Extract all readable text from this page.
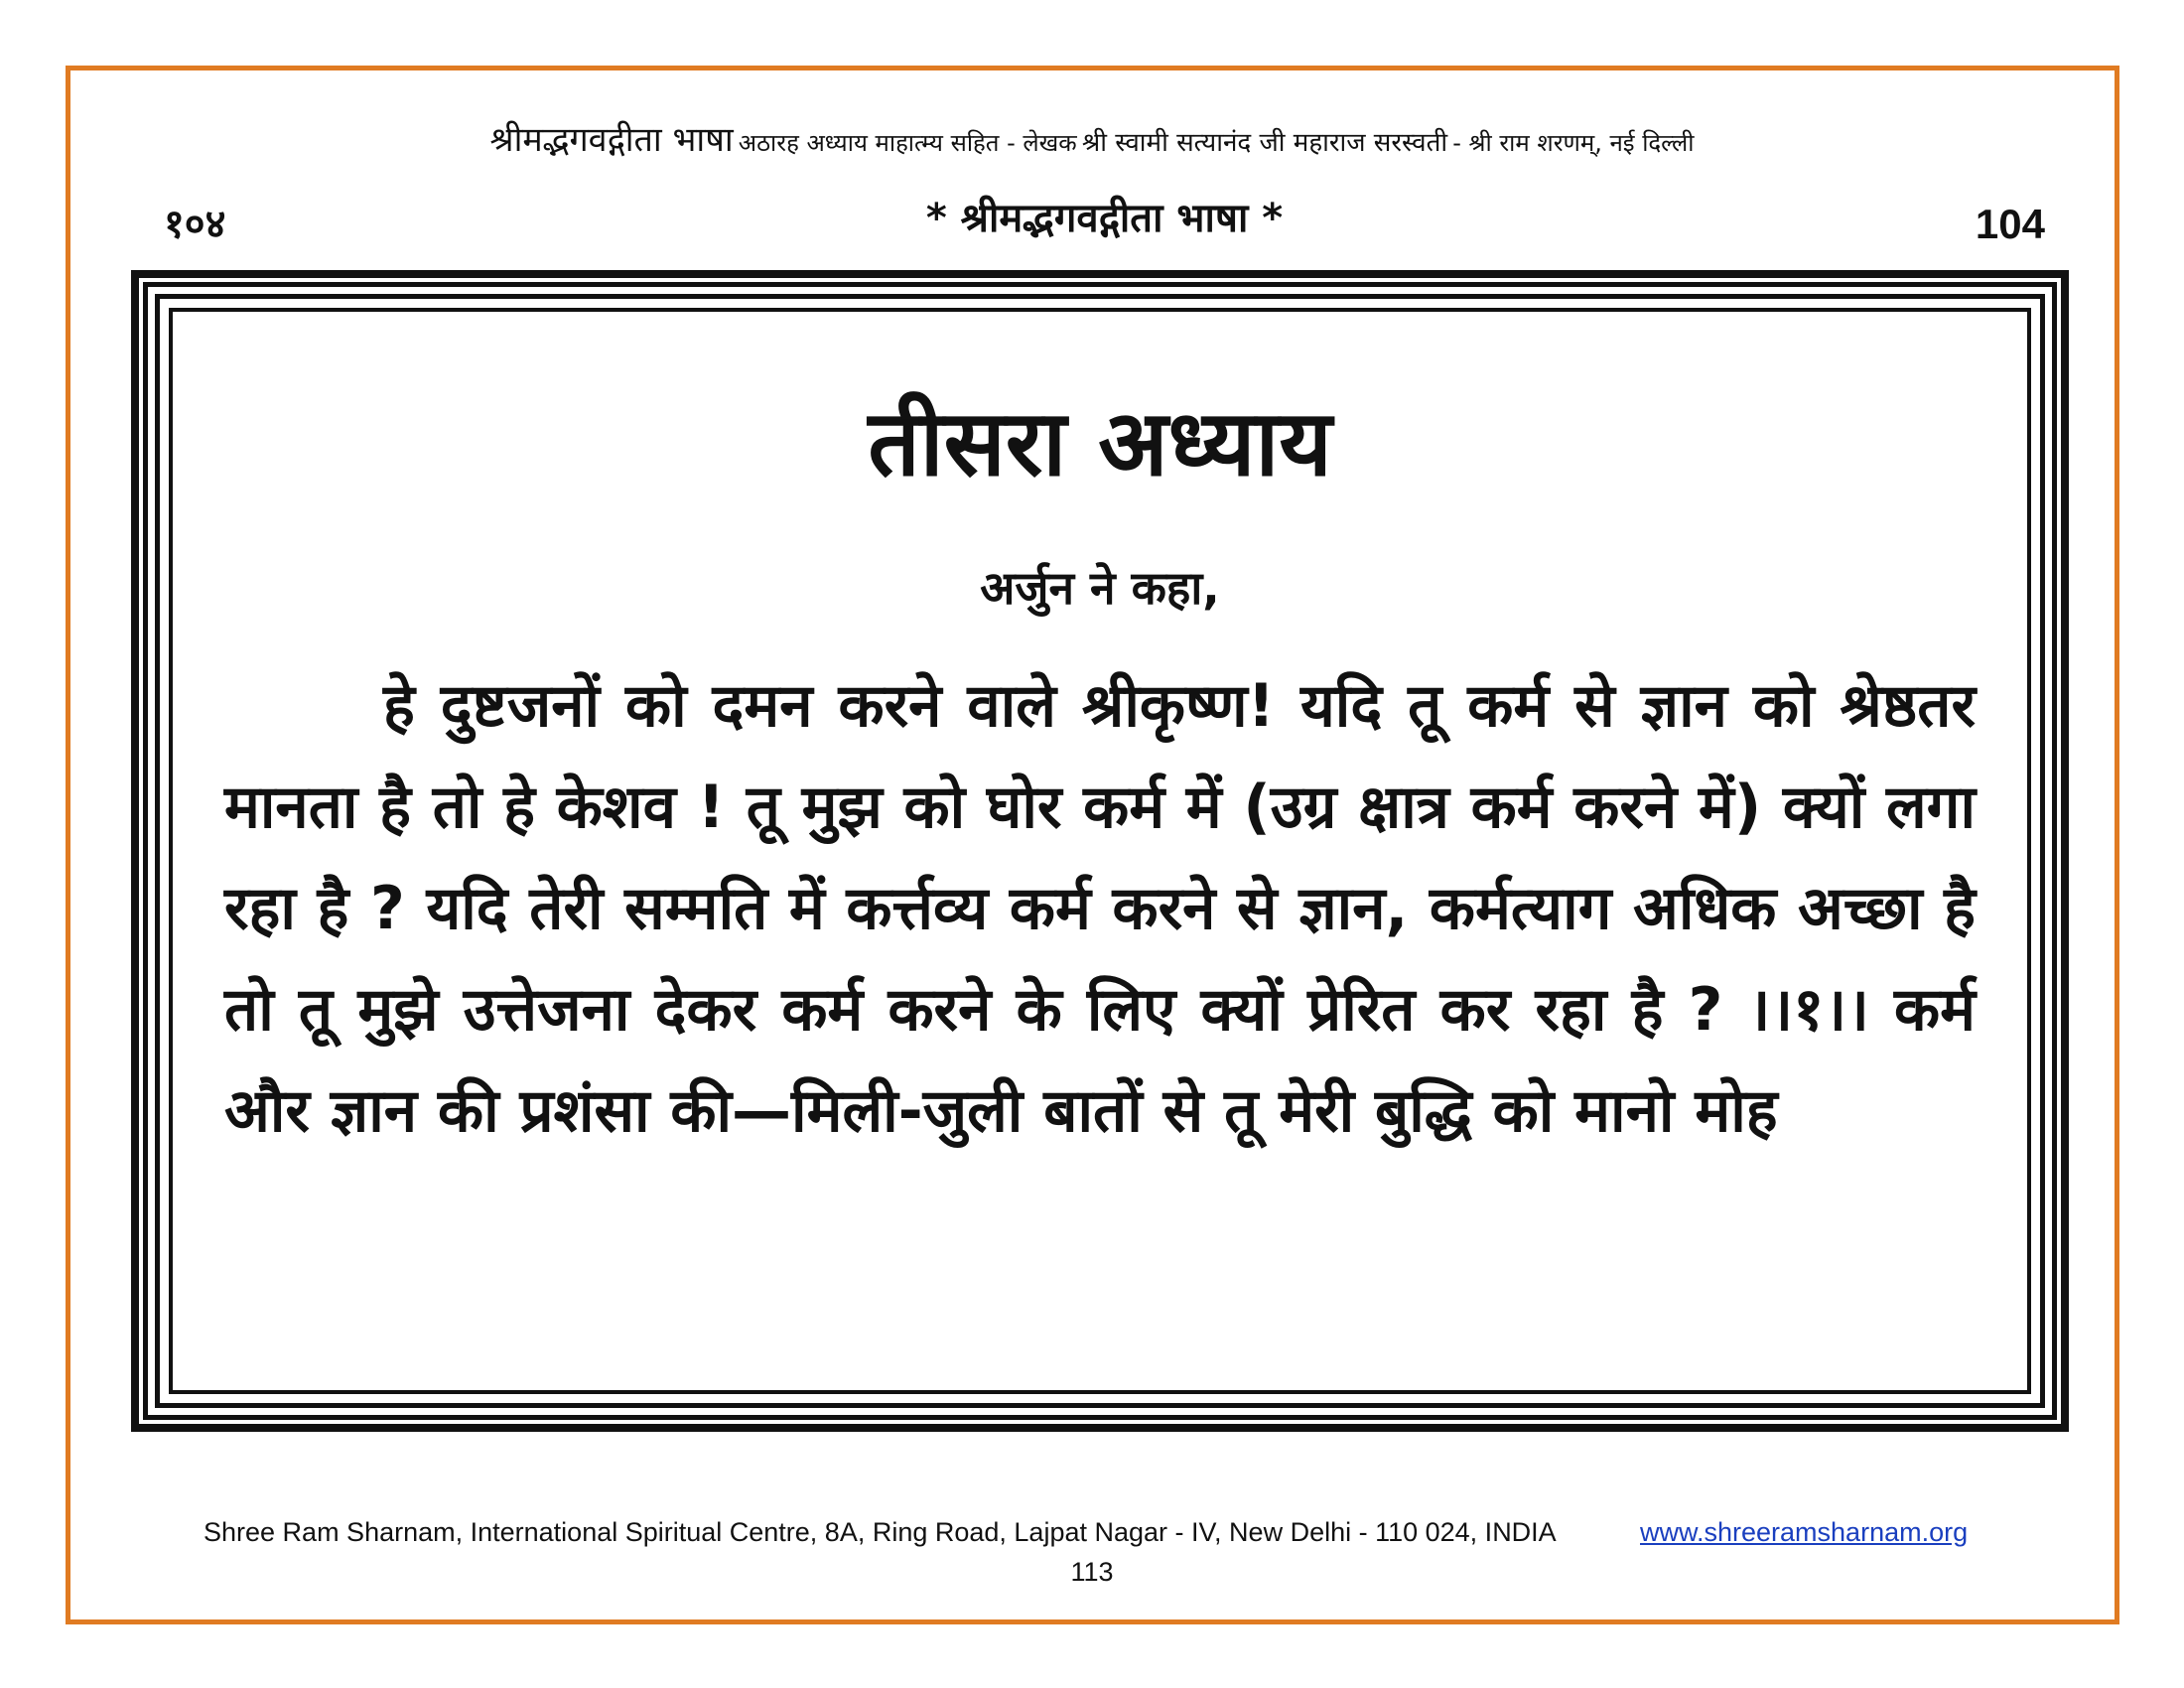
श्रीमद्भगवद्गीता भाषा अठारह अध्याय माहात्म्य सहित - लेखक श्री स्वामी सत्यानंद जी महाराज सरस्वती - श्री राम शरणम्, नई दिल्ली
१०४	* श्रीमद्भगवद्गीता भाषा *	104
तीसरा अध्याय
अर्जुन ने कहा,
हे दुष्टजनों को दमन करने वाले श्रीकृष्ण! यदि तू कर्म से ज्ञान को श्रेष्ठतर मानता है तो हे केशव ! तू मुझ को घोर कर्म में (उग्र क्षात्र कर्म करने में) क्यों लगा रहा है ? यदि तेरी सम्मति में कर्त्तव्य कर्म करने से ज्ञान, कर्मत्याग अधिक अच्छा है तो तू मुझे उत्तेजना देकर कर्म करने के लिए क्यों प्रेरित कर रहा है ? ।।१।। कर्म और ज्ञान की प्रशंसा की—मिली-जुली बातों से तू मेरी बुद्धि को मानो मोह
Shree Ram Sharnam, International Spiritual Centre, 8A, Ring Road, Lajpat Nagar - IV, New Delhi - 110 024, INDIA	www.shreeramsharnam.org
113
